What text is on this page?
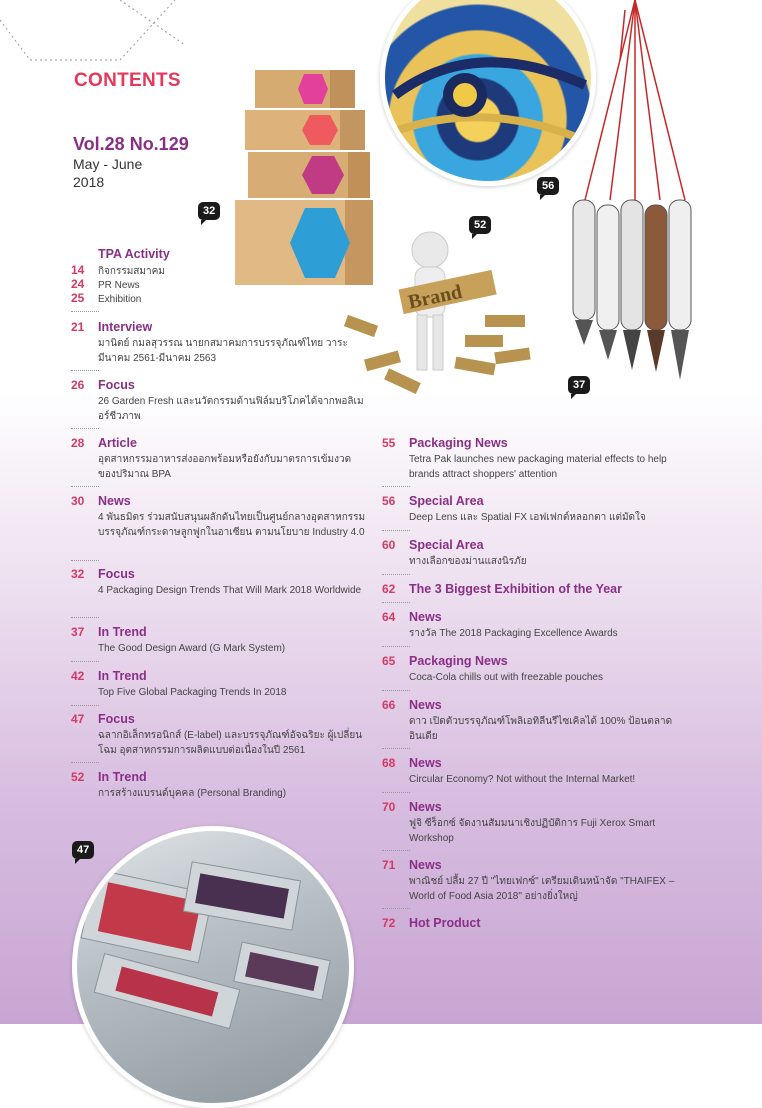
CONTENTS
Vol.28 No.129
May - June
2018	56
32
Brand
52
37
47
TPA Activity
14 กิจกรรมสมาคม
24 PR News
25 Exhibition
21	Interview
มานิตย์ กมลสุวรรณ นายกสมาคมการบรรจุภัณฑ์ไทย วาระมีนาคม 2561-มีนาคม 2563
26	Focus
26 Garden Fresh และนวัตกรรมด้านฟิล์มบริโภคได้จากพอลิเมอร์ชีวภาพ
28	Article
อุตสาหกรรมอาหารส่งออกพร้อมหรือยังกับมาตรการเข้มงวดของปริมาณ BPA
30	News
4 พันธมิตร ร่วมสนับสนุนผลักดันไทยเป็นศูนย์กลางอุตสาหกรรมบรรจุภัณฑ์กระดาษลูกฟูกในอาเซียน ตามนโยบาย Industry 4.0
32	Focus
4 Packaging Design Trends That Will Mark 2018 Worldwide
37	In Trend
The Good Design Award (G Mark System)
42	In Trend
Top Five Global Packaging Trends In 2018
47	Focus
ฉลากอิเล็กทรอนิกส์ (E-label) และบรรจุภัณฑ์อัจฉริยะ ผู้เปลี่ยนโฉม อุตสาหกรรมการผลิตแบบต่อเนื่องในปี 2561
52	In Trend
การสร้างแบรนด์บุคคล (Personal Branding)
55	Packaging News
Tetra Pak launches new packaging material effects to help brands attract shoppers' attention
56	Special Area
Deep Lens และ Spatial FX เอฟเฟกต์หลอกตา แต่มัดใจ
60	Special Area
ทางเลือกของม่านแสงนิรภัย
62	The 3 Biggest Exhibition of the Year
64	News
รางวัล The 2018 Packaging Excellence Awards
65	Packaging News
Coca-Cola chills out with freezable pouches
66	News
ดาว เปิดตัวบรรจุภัณฑ์โพลิเอทิลีนรีไซเคิลได้ 100% ป้อนตลาดอินเดีย
68	News
Circular Economy? Not without the Internal Market!
70	News
ฟูจิ ซีร็อกซ์ จัดงานสัมมนาเชิงปฏิบัติการ Fuji Xerox Smart Workshop
71	News
พาณิชย์ ปลื้ม 27 ปี "ไทยเฟกซ์" เตรียมเดินหน้าจัด "THAIFEX – World of Food Asia 2018" อย่างยิ่งใหญ่
72	Hot Product
